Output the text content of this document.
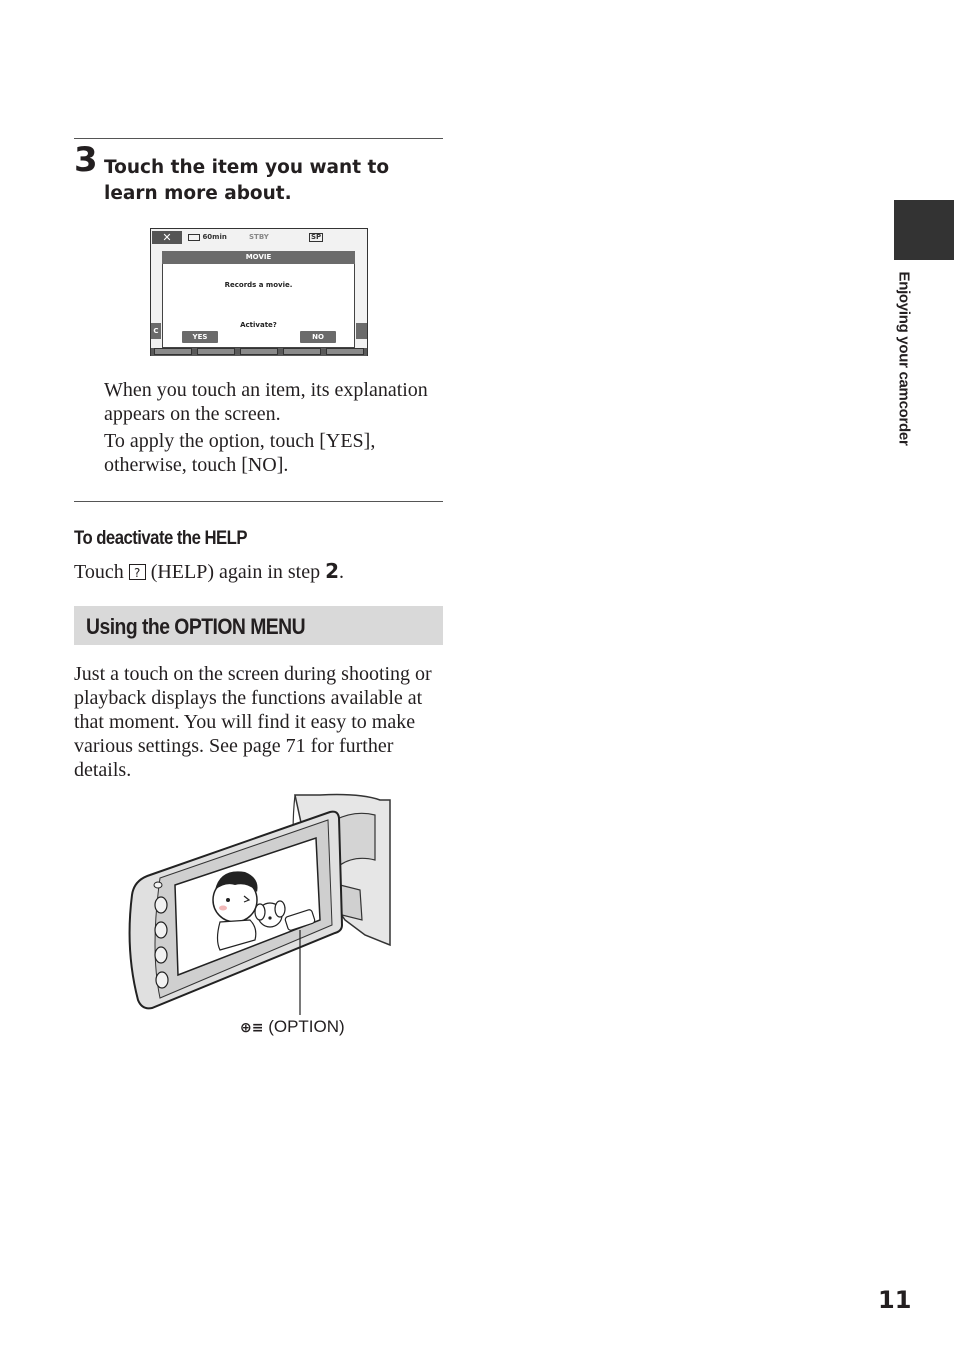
3 Touch the item you want to learn more about.
✕	60min	STBY	SP
C
MOVIE
Records a movie.
Activate?
YES	NO
When you touch an item, its explanation appears on the screen.
To apply the option, touch [YES], otherwise, touch [NO].
To deactivate the HELP
Touch ? (HELP) again in step 2.
Using the OPTION MENU
Just a touch on the screen during shooting or playback displays the functions available at that moment. You will find it easy to make various settings. See page 71 for further details.
⊕≡ (OPTION)
Enjoying your camcorder
11
